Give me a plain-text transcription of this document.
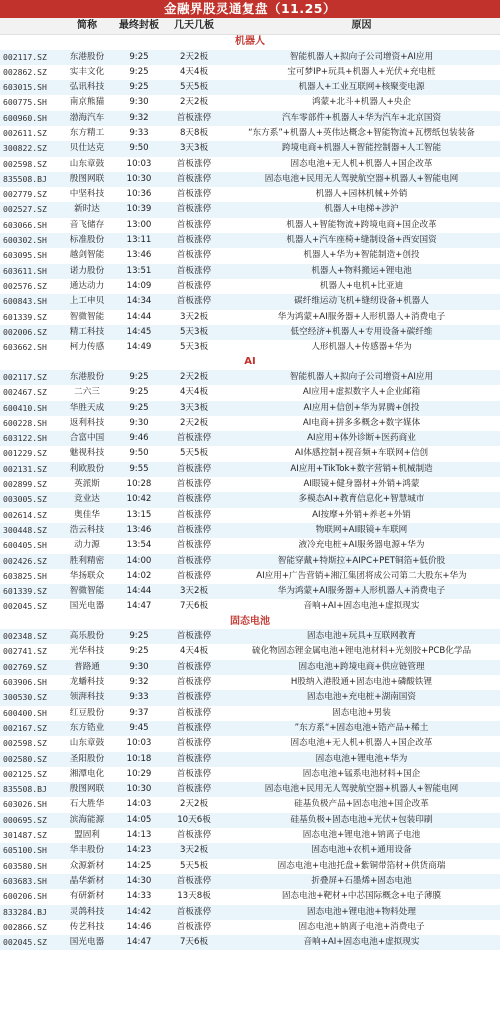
金融界股灵通复盘（11.25）
简称	最终封板	几天几板	原因
机器人
002117.SZ	东港股份	9:25	2天2板	智能机器人+拟向子公司增资+AI应用
002862.SZ	实丰文化	9:25	4天4板	宝可梦IP+玩具+机器人+光伏+充电桩
603015.SH	弘讯科技	9:25	5天5板	机器人+工业互联网+核聚变电源
600775.SH	南京熊猫	9:30	2天2板	鸿蒙+北斗+机器人+央企
600960.SH	渤海汽车	9:32	首板涨停	汽车零部件+机器人+华为汽车+北京国资
002611.SZ	东方精工	9:33	8天8板	“东方系”+机器人+英伟达概念+智能物流+瓦楞纸包装装备
300822.SZ	贝仕达克	9:50	3天3板	跨境电商+机器人+智能控制器+人工智能
002598.SZ	山东章鼓	10:03	首板涨停	固态电池+无人机+机器人+国企改革
835508.BJ	殷图网联	10:30	首板涨停	固态电池+民用无人驾驶航空器+机器人+智能电网
002779.SZ	中坚科技	10:36	首板涨停	机器人+园林机械+外销
002527.SZ	新时达	10:39	首板涨停	机器人+电梯+涉沪
603066.SH	音飞储存	13:00	首板涨停	机器人+智能物流+跨境电商+国企改革
600302.SH	标准股份	13:11	首板涨停	机器人+汽车座椅+缝制设备+西安国资
603095.SH	越剑智能	13:46	首板涨停	机器人+华为+智能制造+创投
603611.SH	诺力股份	13:51	首板涨停	机器人+物料搬运+锂电池
002576.SZ	通达动力	14:09	首板涨停	机器人+电机+比亚迪
600843.SH	上工申贝	14:34	首板涨停	碳纤维运动飞机+缝纫设备+机器人
601339.SZ	智微智能	14:44	3天2板	华为鸿蒙+AI服务器+人形机器人+消费电子
002006.SZ	精工科技	14:45	5天3板	低空经济+机器人+专用设备+碳纤维
603662.SH	柯力传感	14:49	5天3板	人形机器人+传感器+华为
AI
002117.SZ	东港股份	9:25	2天2板	智能机器人+拟向子公司增资+AI应用
002467.SZ	二六三	9:25	4天4板	AI应用+虚拟数字人+企业邮箱
600410.SH	华胜天成	9:25	3天3板	AI应用+信创+华为昇腾+创投
600228.SH	返利科技	9:30	2天2板	AI电商+拼多多概念+数字媒体
603122.SH	合富中国	9:46	首板涨停	AI应用+体外诊断+医药商业
001229.SZ	魅视科技	9:50	5天5板	AI体感控制+视音频+车联网+信创
002131.SZ	利欧股份	9:55	首板涨停	AI应用+TikTok+数字营销+机械制造
002899.SZ	英派斯	10:28	首板涨停	AI眼镜+健身器材+外销+鸿蒙
003005.SZ	竞业达	10:42	首板涨停	多模态AI+教育信息化+智慧城市
002614.SZ	奥佳华	13:15	首板涨停	AI按摩+外销+养老+外销
300448.SZ	浩云科技	13:46	首板涨停	物联网+AI眼镜+车联网
600405.SH	动力源	13:54	首板涨停	液冷充电桩+AI服务器电源+华为
002426.SZ	胜利精密	14:00	首板涨停	智能穿戴+特斯拉+AIPC+PET铜箔+低价股
603825.SH	华扬联众	14:02	首板涨停	AI应用+广告营销+湘江集团将成公司第二大股东+华为
601339.SZ	智微智能	14:44	3天2板	华为鸿蒙+AI服务器+人形机器人+消费电子
002045.SZ	国光电器	14:47	7天6板	音响+AI+固态电池+虚拟现实
固态电池
002348.SZ	高乐股份	9:25	首板涨停	固态电池+玩具+互联网教育
002741.SZ	光华科技	9:25	4天4板	硫化物固态锂金属电池+锂电池材料+光刻胶+PCB化学品
002769.SZ	普路通	9:30	首板涨停	固态电池+跨境电商+供应链管理
603906.SH	龙蟠科技	9:32	首板涨停	H股纳入港股通+固态电池+磷酸铁锂
300530.SZ	领湃科技	9:33	首板涨停	固态电池+充电桩+湖南国资
600400.SH	红豆股份	9:37	首板涨停	固态电池+男装
002167.SZ	东方锆业	9:45	首板涨停	”东方系“+固态电池+锆产品+稀土
002598.SZ	山东章鼓	10:03	首板涨停	固态电池+无人机+机器人+国企改革
002580.SZ	圣阳股份	10:18	首板涨停	固态电池+锂电池+华为
002125.SZ	湘潭电化	10:29	首板涨停	固态电池+锰系电池材料+国企
835508.BJ	殷图网联	10:30	首板涨停	固态电池+民用无人驾驶航空器+机器人+智能电网
603026.SH	石大胜华	14:03	2天2板	硅基负极产品+固态电池+国企改革
000695.SZ	滨海能源	14:05	10天6板	硅基负极+固态电池+光伏+包装印刷
301487.SZ	盟固利	14:13	首板涨停	固态电池+锂电池+钠离子电池
605100.SH	华丰股份	14:23	3天2板	固态电池+农机+通用设备
603580.SH	众源新材	14:25	5天5板	固态电池+电池托盘+紫铜带箔材+供货商瑞
603683.SH	晶华新材	14:30	首板涨停	折叠屏+石墨烯+固态电池
600206.SH	有研新材	14:33	13天8板	固态电池+靶材+中芯国际概念+电子薄膜
833284.BJ	灵鸽科技	14:42	首板涨停	固态电池+锂电池+物料处理
002866.SZ	传艺科技	14:46	首板涨停	固态电池+钠离子电池+消费电子
002045.SZ	国光电器	14:47	7天6板	音响+AI+固态电池+虚拟现实
